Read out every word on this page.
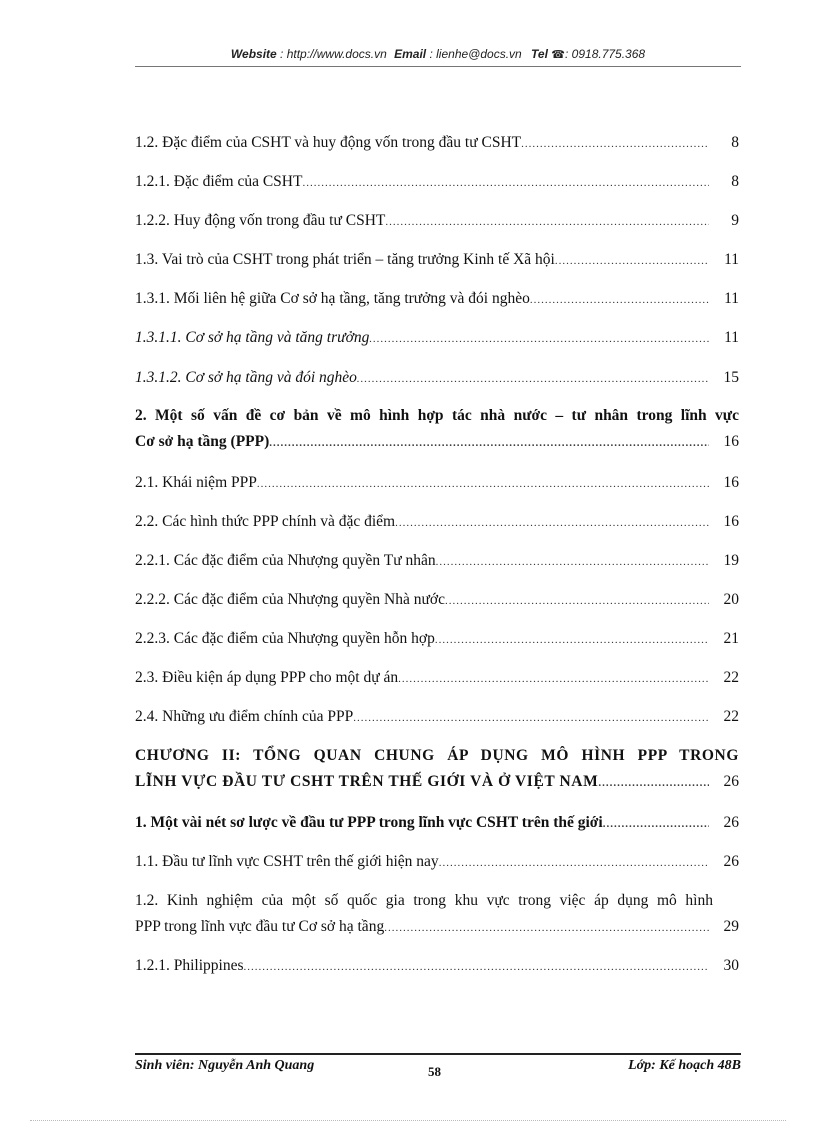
Website : http://www.docs.vn Email : lienhe@docs.vn Tel ☎: 0918.775.368
1.2. Đặc điểm của CSHT và huy động vốn trong đầu tư CSHT .....	8
1.2.1. Đặc điểm của CSHT .....	8
1.2.2. Huy động vốn trong đầu tư CSHT .....	9
1.3. Vai trò của CSHT trong phát triển – tăng trưởng Kinh tế Xã hội .....	11
1.3.1. Mối liên hệ giữa Cơ sở hạ tầng, tăng trưởng và đói nghèo .....	11
1.3.1.1. Cơ sở hạ tầng và tăng trưởng .....	11
1.3.1.2. Cơ sở hạ tầng và đói nghèo .....	15
2. Một số vấn đề cơ bản về mô hình hợp tác nhà nước – tư nhân trong lĩnh vực
Cơ sở hạ tầng (PPP) .....	16
2.1. Khái niệm PPP .....	16
2.2. Các hình thức PPP chính và đặc điểm .....	16
2.2.1. Các đặc điểm của Nhượng quyền Tư nhân .....	19
2.2.2. Các đặc điểm của Nhượng quyền Nhà nước .....	20
2.2.3. Các đặc điểm của Nhượng quyền hỗn hợp .....	21
2.3. Điều kiện áp dụng PPP cho một dự án .....	22
2.4. Những ưu điểm chính của PPP .....	22
CHƯƠNG II: TỔNG QUAN CHUNG ÁP DỤNG MÔ HÌNH PPP TRONG
LĨNH VỰC ĐẦU TƯ CSHT TRÊN THẾ GIỚI VÀ Ở VIỆT NAM .....	26
1. Một vài nét sơ lược về đầu tư PPP trong lĩnh vực CSHT trên thế giới .....	26
1.1. Đầu tư lĩnh vực CSHT trên thế giới hiện nay .....	26
1.2. Kinh nghiệm của một số quốc gia trong khu vực trong việc áp dụng mô hình
PPP trong lĩnh vực đầu tư Cơ sở hạ tầng .....	29
1.2.1. Philippines .....	30
Sinh viên: Nguyễn Anh Quang	58	Lớp: Kế hoạch 48B
